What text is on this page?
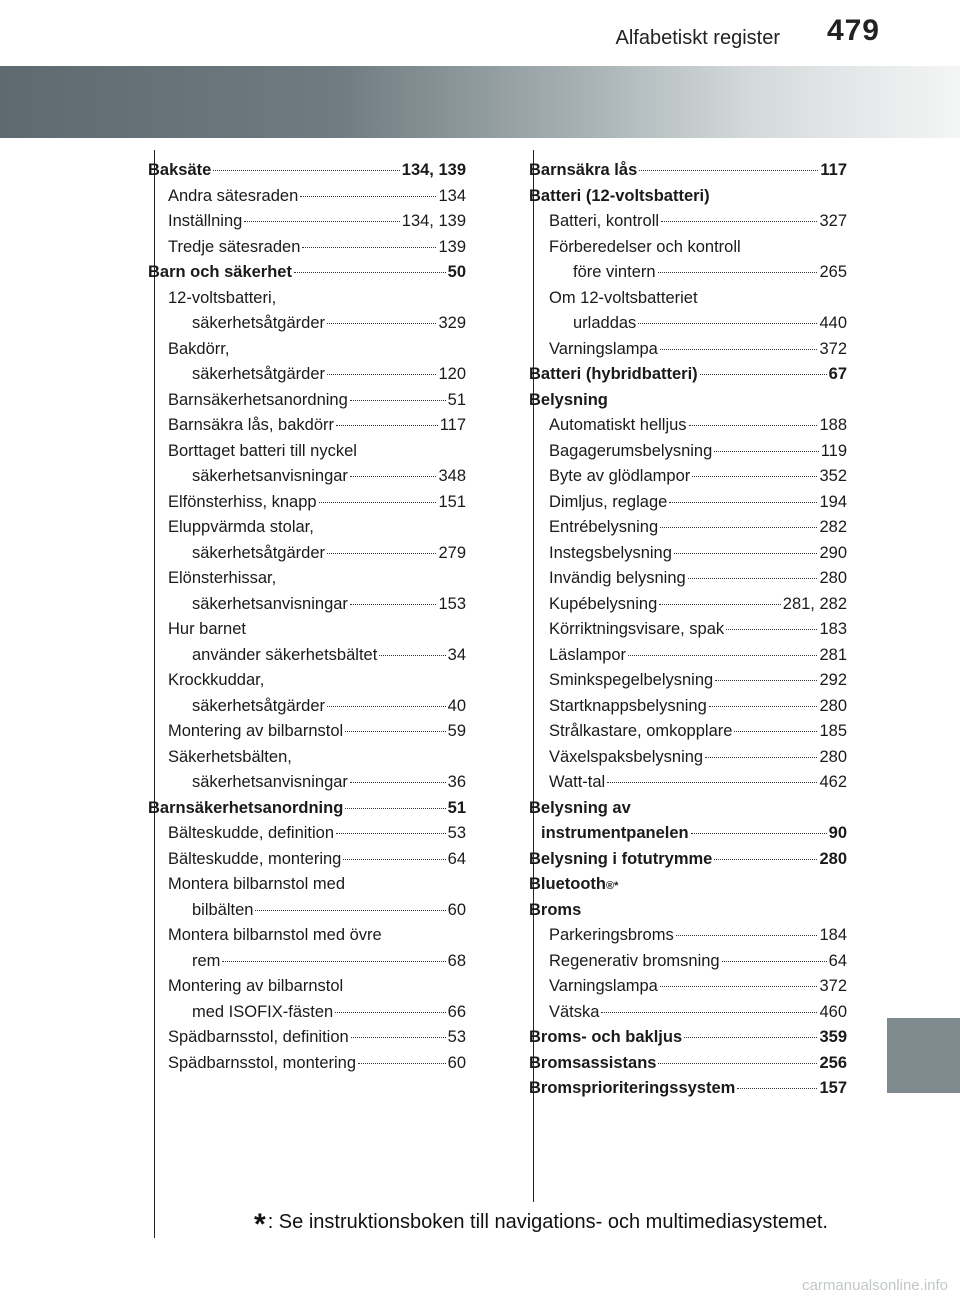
Alfabetiskt register 479
Baksäte	134, 139
Andra sätesraden	134
Inställning	134, 139
Tredje sätesraden	139
Barn och säkerhet	50
12-voltsbatteri,
säkerhetsåtgärder	329
Bakdörr,
säkerhetsåtgärder	120
Barnsäkerhetsanordning	51
Barnsäkra lås, bakdörr	117
Borttaget batteri till nyckel
säkerhetsanvisningar	348
Elfönsterhiss, knapp	151
Eluppvärmda stolar,
säkerhetsåtgärder	279
Elönsterhissar,
säkerhetsanvisningar	153
Hur barnet
använder säkerhetsbältet	34
Krockkuddar,
säkerhetsåtgärder	40
Montering av bilbarnstol	59
Säkerhetsbälten,
säkerhetsanvisningar	36
Barnsäkerhetsanordning	51
Bälteskudde, definition	53
Bälteskudde, montering	64
Montera bilbarnstol med
bilbälten	60
Montera bilbarnstol med övre
rem	68
Montering av bilbarnstol
med ISOFIX-fästen	66
Spädbarnsstol, definition	53
Spädbarnsstol, montering	60
Barnsäkra lås	117
Batteri (12-voltsbatteri)
Batteri, kontroll	327
Förberedelser och kontroll
före vintern	265
Om 12-voltsbatteriet
urladdas	440
Varningslampa	372
Batteri (hybridbatteri)	67
Belysning
Automatiskt helljus	188
Bagagerumsbelysning	119
Byte av glödlampor	352
Dimljus, reglage	194
Entrébelysning	282
Instegsbelysning	290
Invändig belysning	280
Kupébelysning	281, 282
Körriktningsvisare, spak	183
Läslampor	281
Sminkspegelbelysning	292
Startknappsbelysning	280
Strålkastare, omkopplare	185
Växelspaksbelysning	280
Watt-tal	462
Belysning av
instrumentpanelen	90
Belysning i fotutrymme	280
Bluetooth ®*
Broms
Parkeringsbroms	184
Regenerativ bromsning	64
Varningslampa	372
Vätska	460
Broms- och bakljus	359
Bromsassistans	256
Bromsprioriteringssystem	157
* : Se instruktionsboken till navigations- och multimediasystemet.
carmanualsonline.info
